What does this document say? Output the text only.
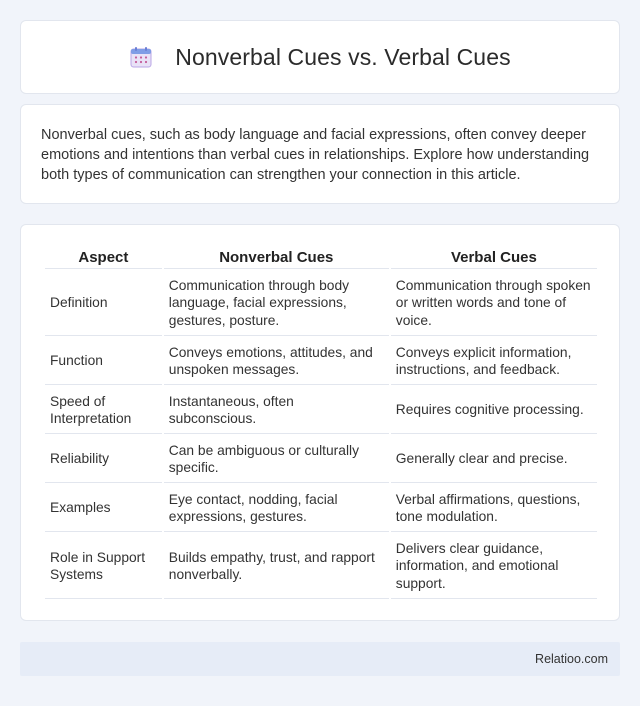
Nonverbal Cues vs. Verbal Cues

Nonverbal cues, such as body language and facial expressions, often convey deeper emotions and intentions than verbal cues in relationships. Explore how understanding both types of communication can strengthen your connection in this article.

Aspect	Nonverbal Cues	Verbal Cues
Definition	Communication through body language, facial expressions, gestures, posture.	Communication through spoken or written words and tone of voice.
Function	Conveys emotions, attitudes, and unspoken messages.	Conveys explicit information, instructions, and feedback.
Speed of Interpretation	Instantaneous, often subconscious.	Requires cognitive processing.
Reliability	Can be ambiguous or culturally specific.	Generally clear and precise.
Examples	Eye contact, nodding, facial expressions, gestures.	Verbal affirmations, questions, tone modulation.
Role in Support Systems	Builds empathy, trust, and rapport nonverbally.	Delivers clear guidance, information, and emotional support.
Relatioo.com
